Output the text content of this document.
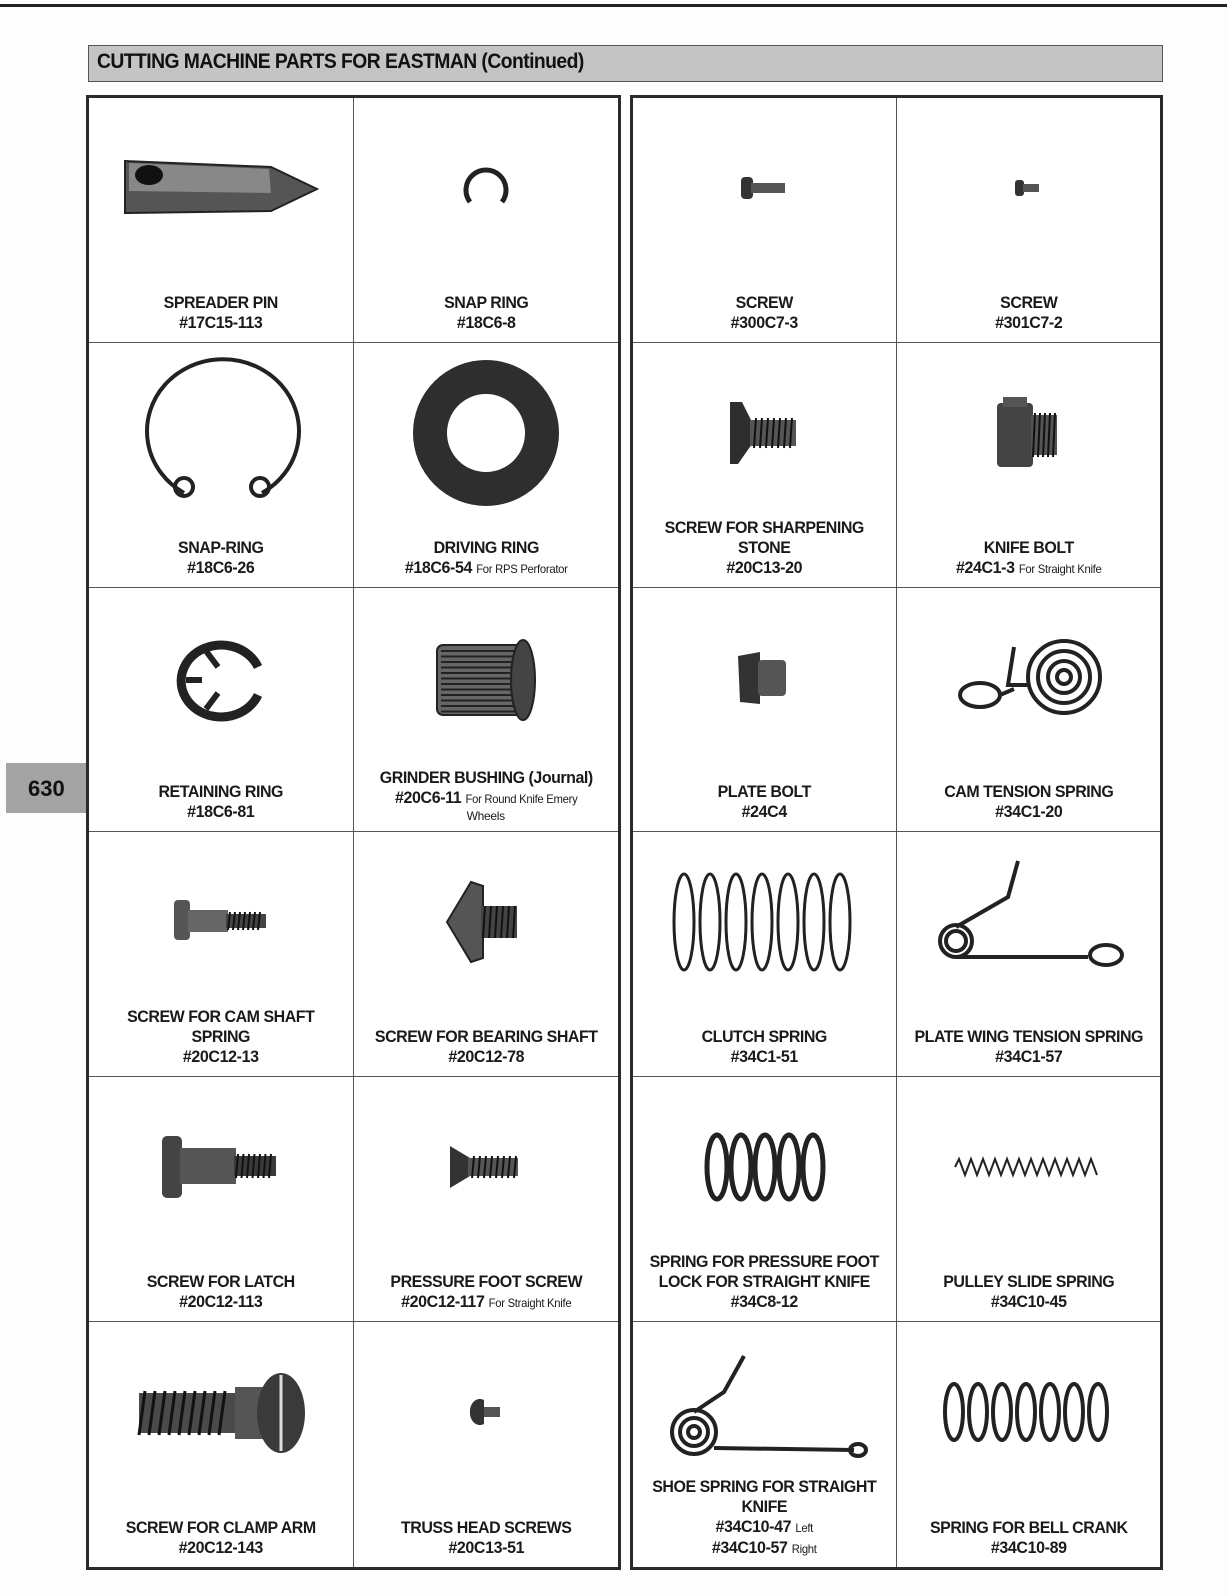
CUTTING MACHINE PARTS FOR EASTMAN (Continued)
630
SPREADER PIN
#17C15-113
SNAP RING
#18C6-8
SNAP-RING
#18C6-26
DRIVING RING
#18C6-54 For RPS Perforator
RETAINING RING
#18C6-81
GRINDER BUSHING (Journal)
#20C6-11 For Round Knife Emery
Wheels
SCREW FOR CAM SHAFT
SPRING
#20C12-13
SCREW FOR BEARING SHAFT
#20C12-78
SCREW FOR LATCH
#20C12-113
PRESSURE FOOT SCREW
#20C12-117 For Straight Knife
SCREW FOR CLAMP ARM
#20C12-143
TRUSS HEAD SCREWS
#20C13-51
SCREW
#300C7-3
SCREW
#301C7-2
SCREW FOR SHARPENING
STONE
#20C13-20
KNIFE BOLT
#24C1-3 For Straight Knife
PLATE BOLT
#24C4
CAM TENSION SPRING
#34C1-20
CLUTCH SPRING
#34C1-51
PLATE WING TENSION SPRING
#34C1-57
SPRING FOR PRESSURE FOOT
LOCK FOR STRAIGHT KNIFE
#34C8-12
PULLEY SLIDE SPRING
#34C10-45
SHOE SPRING FOR STRAIGHT
KNIFE
#34C10-47 Left
#34C10-57 Right
SPRING FOR BELL CRANK
#34C10-89
